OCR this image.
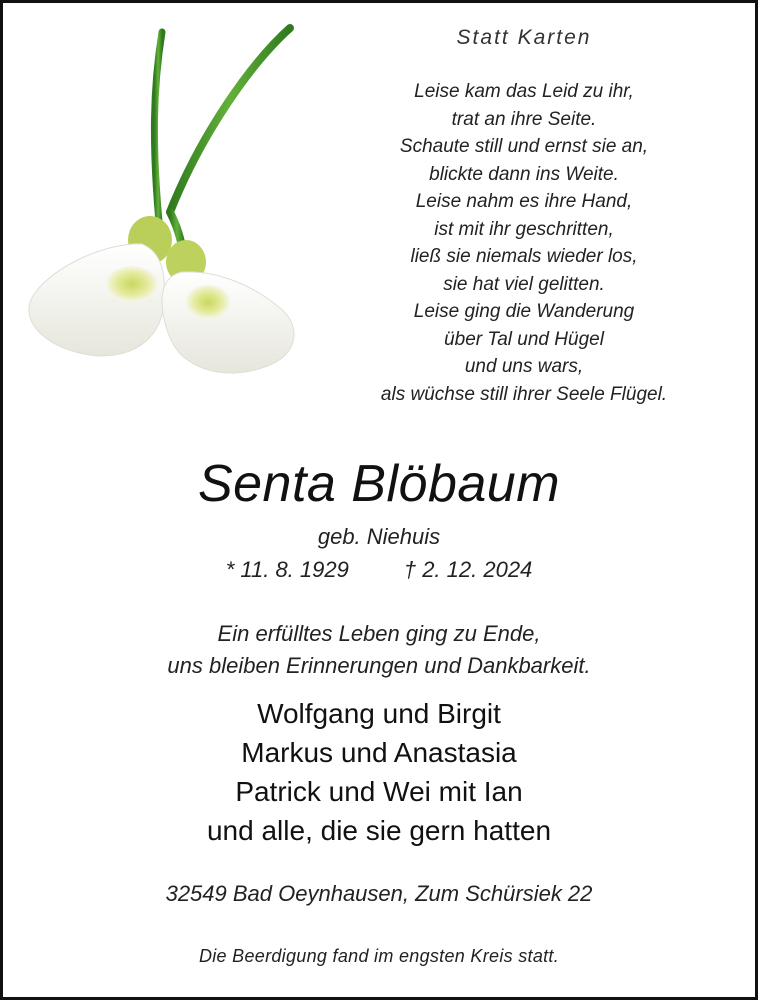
Statt Karten
Leise kam das Leid zu ihr,
trat an ihre Seite.
Schaute still und ernst sie an,
blickte dann ins Weite.
Leise nahm es ihre Hand,
ist mit ihr geschritten,
ließ sie niemals wieder los,
sie hat viel gelitten.
Leise ging die Wanderung
über Tal und Hügel
und uns wars,
als wüchse still ihrer Seele Flügel.
Senta Blöbaum
geb. Niehuis
* 11. 8. 1929	† 2. 12. 2024
Ein erfülltes Leben ging zu Ende,
uns bleiben Erinnerungen und Dankbarkeit.
Wolfgang und Birgit
Markus und Anastasia
Patrick und Wei mit Ian
und alle, die sie gern hatten
32549 Bad Oeynhausen, Zum Schürsiek 22
Die Beerdigung fand im engsten Kreis statt.
